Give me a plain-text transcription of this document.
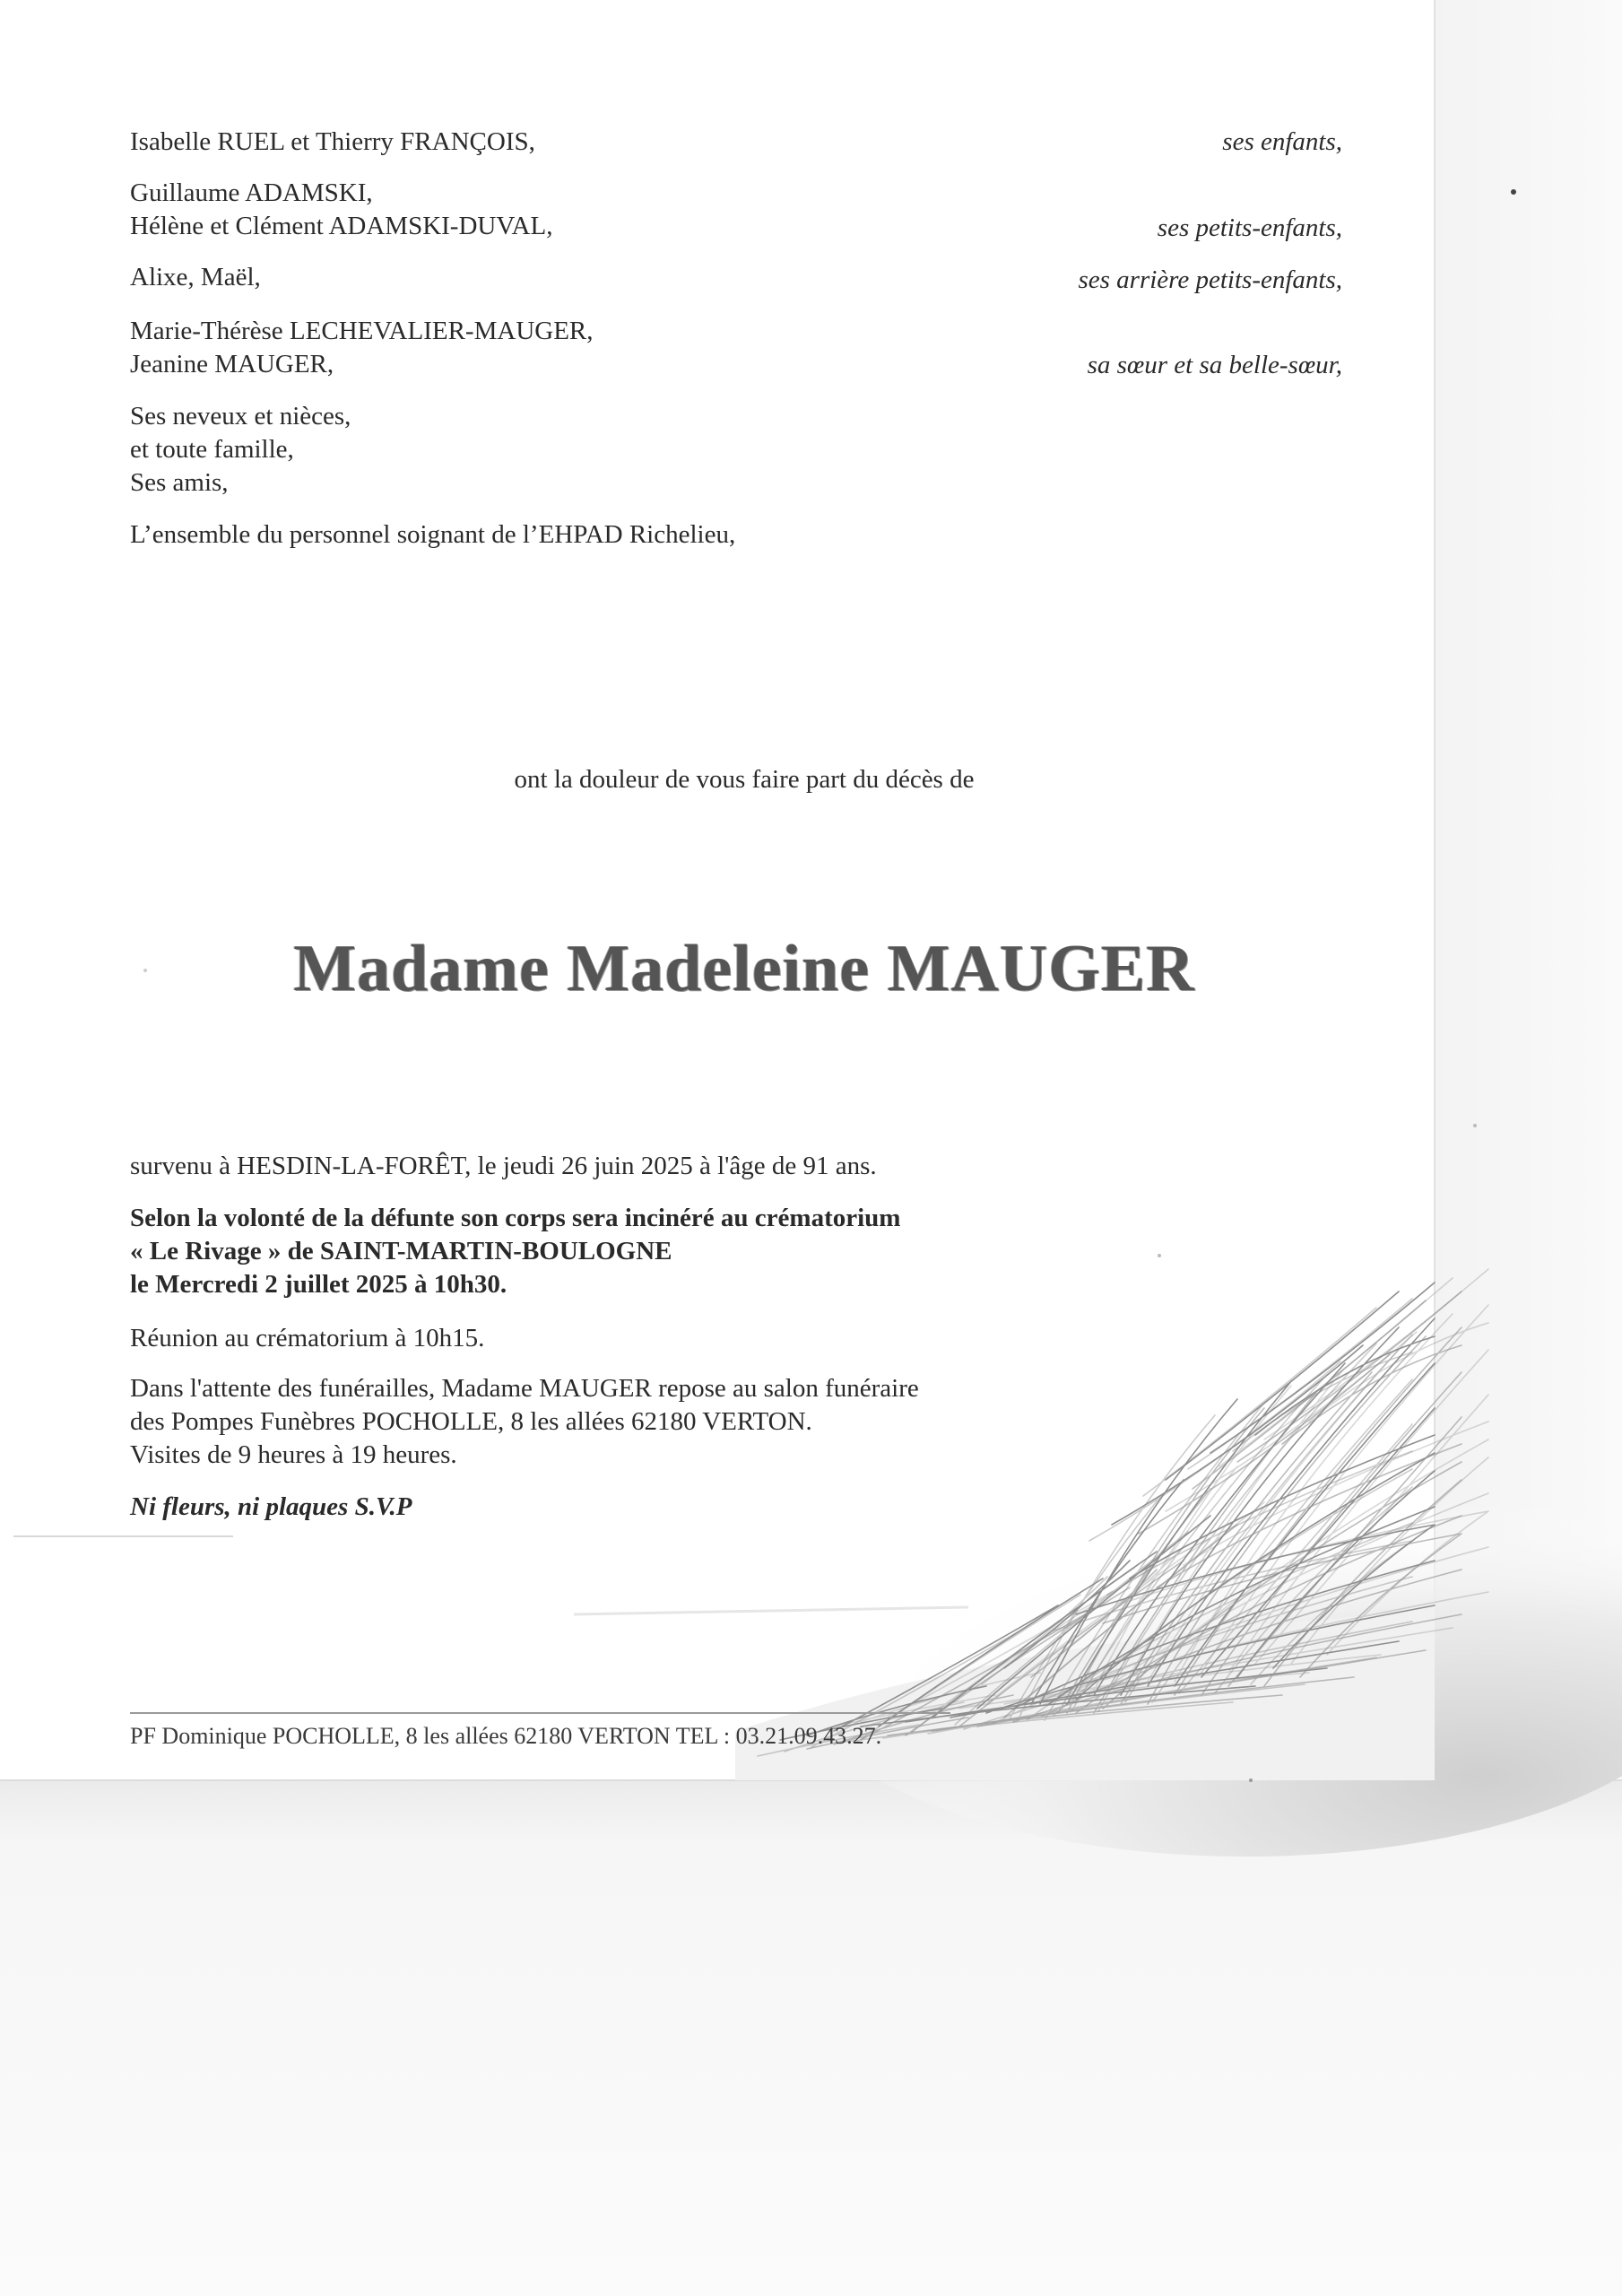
Isabelle RUEL et Thierry FRANÇOIS,
Guillaume ADAMSKI,
Hélène et Clément ADAMSKI-DUVAL,
Alixe, Maël,
Marie-Thérèse LECHEVALIER-MAUGER,
Jeanine MAUGER,
Ses neveux et nièces,
et toute famille,
Ses amis,
L’ensemble du personnel soignant de l’EHPAD Richelieu,
ses enfants,
ses petits-enfants,
ses arrière petits-enfants,
sa sœur et sa belle-sœur,
ont la douleur de vous faire part du décès de
Madame Madeleine MAUGER
survenu à HESDIN-LA-FORÊT, le jeudi 26 juin 2025 à l'âge de 91 ans.
Selon la volonté de la défunte son corps sera incinéré au crématorium
« Le Rivage » de SAINT-MARTIN-BOULOGNE
le Mercredi 2 juillet 2025 à 10h30.
Réunion au crématorium à 10h15.
Dans l'attente des funérailles, Madame MAUGER repose au salon funéraire
des Pompes Funèbres POCHOLLE, 8 les allées 62180 VERTON.
Visites de 9 heures à 19 heures.
Ni fleurs, ni plaques S.V.P
PF Dominique POCHOLLE, 8 les allées 62180 VERTON TEL : 03.21.09.43.27.
